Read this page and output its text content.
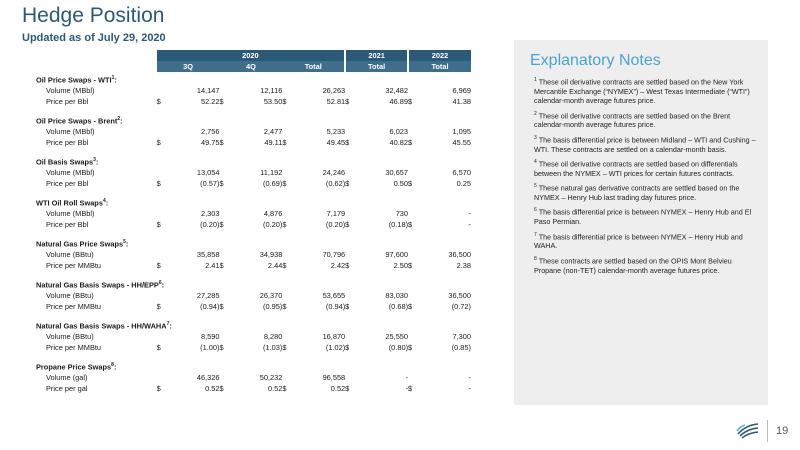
Hedge Position
Updated as of July 29, 2020
	2020						2021		2022	
	3Q		4Q		Total		Total		Total	
Oil Price Swaps - WTI$^1$:										
Volume (MBbl)		14,147		12,116		26,263		32,482		6,969
Price per Bbl	$	52.22	$	53.50	$	52.81	$	46.89	$	41.38

Oil Price Swaps - Brent$^2$:										
Volume (MBbl)		2,756		2,477		5,233		6,023		1,095
Price per Bbl	$	49.75	$	49.11	$	49.45	$	40.82	$	45.55

Oil Basis Swaps$^3$:										
Volume (MBbl)		13,054		11,192		24,246		30,657		6,570
Price per Bbl	$	(0.57)	$	(0.69)	$	(0.62)	$	0.50	$	0.25

WTI Oil Roll Swaps$^4$:										
Volume (MBbl)		2,303		4,876		7,179		730		-
Price per Bbl	$	(0.20)	$	(0.20)	$	(0.20)	$	(0.18)	$	-

Natural Gas Price Swaps$^5$:										
Volume (BBtu)		35,858		34,938		70,796		97,600		36,500
Price per MMBtu	$	2.41	$	2.44	$	2.42	$	2.50	$	2.38

Natural Gas Basis Swaps - HH/EPP$^6$:										
Volume (BBtu)		27,285		26,370		53,655		83,030		36,500
Price per MMBtu	$	(0.94)	$	(0.95)	$	(0.94)	$	(0.68)	$	(0.72)

Natural Gas Basis Swaps - HH/WAHA$^7$:										
Volume (BBtu)		8,590		8,280		16,870		25,550		7,300
Price per MMBtu	$	(1.00)	$	(1.03)	$	(1.02)	$	(0.80)	$	(0.85)

Propane Price Swaps$^8$:										
Volume (gal)		46,326		50,232		96,558		-		-
Price per gal	$	0.52	$	0.52	$	0.52	$	-	$	-
Explanatory Notes
$^1$ These oil derivative contracts are settled based on the New York Mercantile Exchange (“NYMEX”) – West Texas Intermediate (“WTI”) calendar-month average futures price.
$^2$ These oil derivative contracts are settled based on the Brent calendar-month average futures price.
$^3$ The basis differential price is between Midland – WTI and Cushing – WTI. These contracts are settled on a calendar-month basis.
$^4$ These oil derivative contracts are settled based on differentials between the NYMEX – WTI prices for certain futures contracts.
$^5$ These natural gas derivative contracts are settled based on the NYMEX – Henry Hub last trading day futures price.
$^6$ The basis differential price is between NYMEX – Henry Hub and El Paso Permian.
$^7$ The basis differential price is between NYMEX – Henry Hub and WAHA.
$^8$ These contracts are settled based on the OPIS Mont Belvieu Propane (non-TET) calendar-month average futures price.
19
